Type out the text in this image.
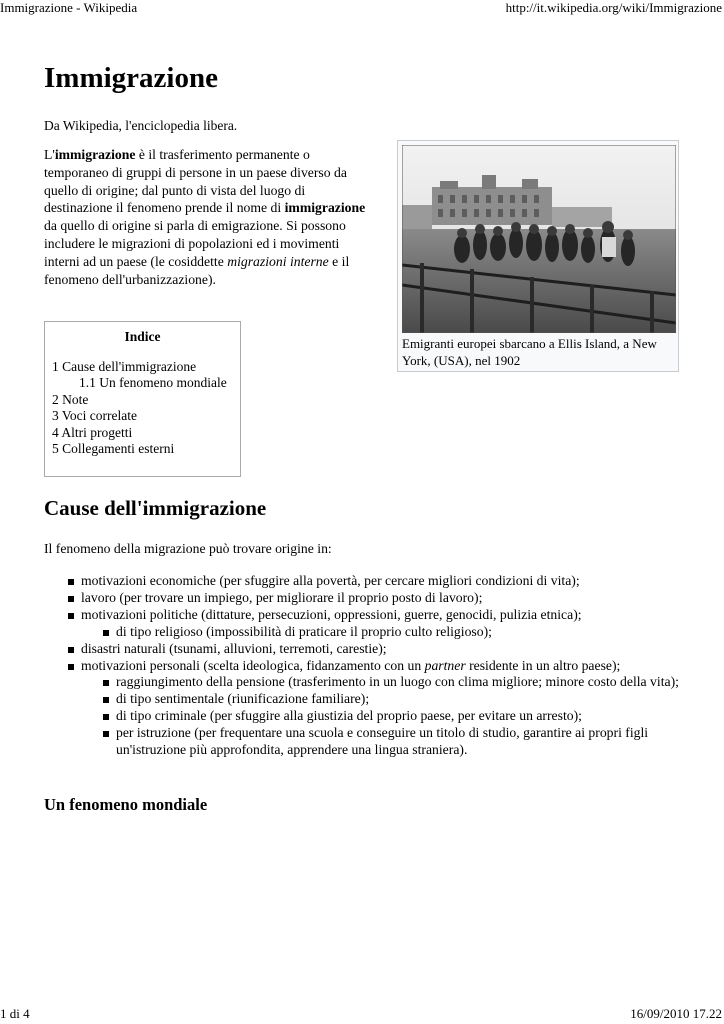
Immigrazione - Wikipedia	http://it.wikipedia.org/wiki/Immigrazione
Immigrazione
Da Wikipedia, l'enciclopedia libera.

L'immigrazione è il trasferimento permanente o temporaneo di gruppi di persone in un paese diverso da quello di origine; dal punto di vista del luogo di destinazione il fenomeno prende il nome di immigrazione da quello di origine si parla di emigrazione. Si possono includere le migrazioni di popolazioni ed i movimenti interni ad un paese (le cosiddette migrazioni interne e il fenomeno dell'urbanizzazione).

Emigranti europei sbarcano a Ellis Island, a New York, (USA), nel 1902
Indice
1 Cause dell'immigrazione
1.1 Un fenomeno mondiale
2 Note
3 Voci correlate
4 Altri progetti
5 Collegamenti esterni
Cause dell'immigrazione
Il fenomeno della migrazione può trovare origine in:
motivazioni economiche (per sfuggire alla povertà, per cercare migliori condizioni di vita);
lavoro (per trovare un impiego, per migliorare il proprio posto di lavoro);
motivazioni politiche (dittature, persecuzioni, oppressioni, guerre, genocidi, pulizia etnica);
di tipo religioso (impossibilità di praticare il proprio culto religioso);
disastri naturali (tsunami, alluvioni, terremoti, carestie);
motivazioni personali (scelta ideologica, fidanzamento con un partner residente in un altro paese);
raggiungimento della pensione (trasferimento in un luogo con clima migliore; minore costo della vita);
di tipo sentimentale (riunificazione familiare);
di tipo criminale (per sfuggire alla giustizia del proprio paese, per evitare un arresto);
per istruzione (per frequentare una scuola e conseguire un titolo di studio, garantire ai propri figli un'istruzione più approfondita, apprendere una lingua straniera).
Un fenomeno mondiale
1 di 4	16/09/2010 17.22
